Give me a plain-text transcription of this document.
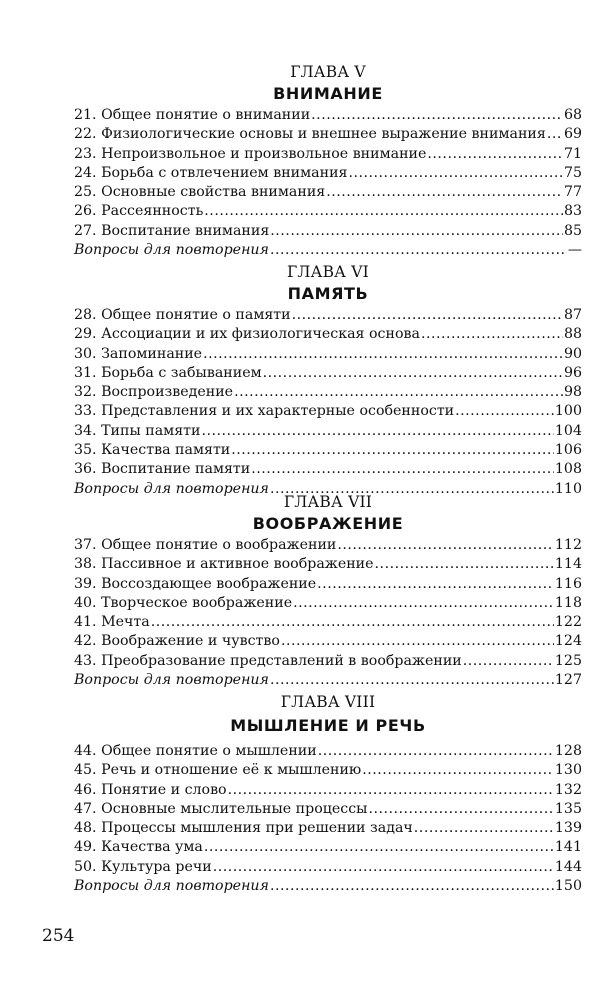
ГЛАВА V
ВНИМАНИЕ
21. Общее понятие о внимании .....	68
22. Физиологические основы и внешнее выражение внимания ..... 69
23. Непроизвольное и произвольное внимание .....	71
24. Борьба с отвлечением внимания .....	75
25. Основные свойства внимания .....	77
26. Рассеянность .....	83
27. Воспитание внимания .....	85
Вопросы для повторения .....	—
ГЛАВА VI
ПАМЯТЬ
28. Общее понятие о памяти .....	87
29. Ассоциации и их физиологическая основа .....	88
30. Запоминание .....	90
31. Борьба с забыванием .....	96
32. Воспроизведение .....	98
33. Представления и их характерные особенности .....	100
34. Типы памяти .....	104
35. Качества памяти .....	106
36. Воспитание памяти .....	108
Вопросы для повторения .....	110
ГЛАВА VII
ВООБРАЖЕНИЕ
37. Общее понятие о воображении .....	112
38. Пассивное и активное воображение .....	114
39. Воссоздающее воображение .....	116
40. Творческое воображение .....	118
41. Мечта .....	122
42. Воображение и чувство .....	124
43. Преобразование представлений в воображении .....	125
Вопросы для повторения .....	127
ГЛАВА VIII
МЫШЛЕНИЕ И РЕЧЬ
44. Общее понятие о мышлении .....	128
45. Речь и отношение её к мышлению .....	130
46. Понятие и слово .....	132
47. Основные мыслительные процессы .....	135
48. Процессы мышления при решении задач .....	139
49. Качества ума .....	141
50. Культура речи .....	144
Вопросы для повторения .....	150
254
